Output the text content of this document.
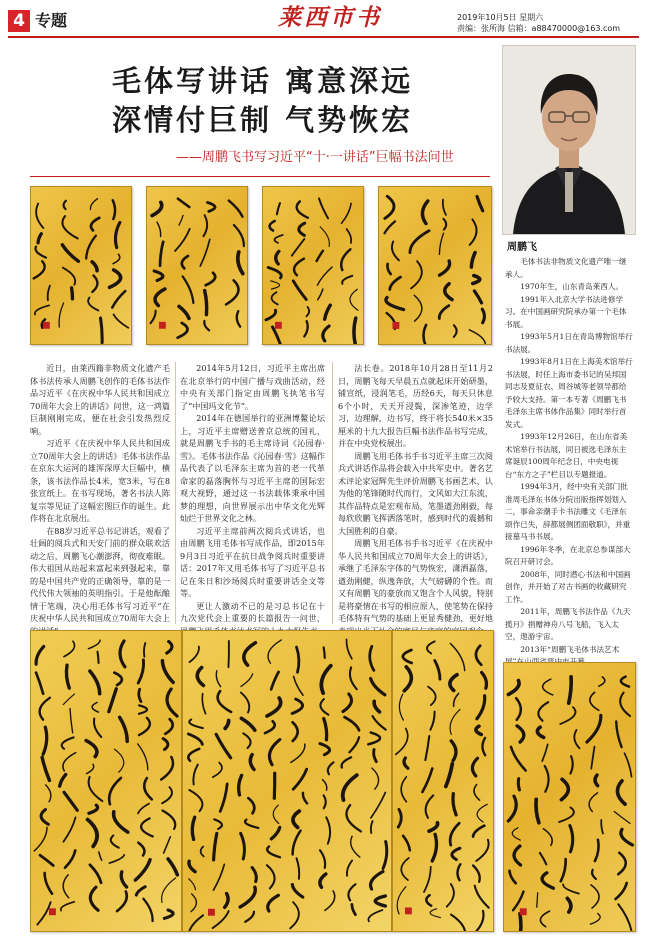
4 专题	莱西市书	2019年10月5日 星期六
责编：张所海 信箱：a88470000@163.com
毛体写讲话 寓意深远
深情付巨制 气势恢宏
——周鹏飞书写习近平“十·一讲话”巨幅书法问世
周鹏飞

毛体书法非物质文化遗产唯一继承人。

1970年生，山东青岛莱西人。

1991年入北京大学书法进修学习。在中国画研究院承办第一个毛体书展。

1993年5月1日在青岛博物馆举行书法展。

1993年8月1日在上海美术馆举行书法展，时任上海市委书记的吴邦国同志及夏征农、周谷城等老领导都给予较大支持。第一本专著《周鹏飞书毛泽东主席书体作品集》同时举行首发式。

1993年12月26日，在山东省美术馆举行书法展，同日被选毛泽东主席诞辰100周年纪念日，中央电视台“东方之子”栏目以专题报道。

1994年3月，经中央有关部门批准周毛泽东书体分院出版指挥划划入二，事命亲潮手卡书法雕文《毛泽东颂作已失，辞都展侧团面敬职》，并重接墓马书书展。

1996年冬季，在北京总参谋部大院召开研讨会。

2008年，同时潜心书法和中国画创作，并开始了对古书画的收藏研究工作。

2011年，周鹏飞书法作品《九天揽月》捐赠神舟八号飞船，飞入太空，遨游宇宙。

2013年“周鹏飞毛体书法艺术

近日，由莱西籍非物质文化遗产毛体书法传承人周鹏飞创作的毛体书法作品习近平《在庆祝中华人民共和国成立70周年大会上的讲话》问世，这一鸿篇巨制刚刚完成，便在社会引发热烈反响。

习近平《在庆祝中华人民共和国成立70周年大会上的讲话》毛体书法作品在京东大运河的雄浑深厚大巨幅中，横条，该书法作品长4米，宽3米，写在8张宣纸上。在书写现场，著名书法人陈复宗等见证了这幅宏图巨作的诞生。此作将在北京展出。

在88岁习近平总书记讲话，观看了壮阔的阅兵式和天安门前的群众联欢活动之后，周鹏飞心潮澎湃，彻夜难眠。伟大祖国从站起来富起来到强起来，靠的是中国共产党的正确领导，靠的是一代代伟大领袖的英明指引。于是他酝酿情于笔端，决心用毛体书写习近平“在庆祝中华人民共和国成立70周年大会上

2014年5月12日，习近平主席出席在北京举行的中国广播与戏曲活动，经中央有关部门指定由周鹏飞执笔书写了“中国玛文化节”。

2014年在德国举行的亚洲博鳌论坛上，习近平主席赠送普京总统的国礼，就是周鹏飞手书的毛主席诗词《沁园春·雪》。毛体书法作品《沁园春·雪》这幅作品代表了以毛泽东主席为首的老一代革命家的磊落胸怀与习近平主席的国际宏观大视野，通过这一书法载体秉承中国梦的理想，向世界展示出中华文化光辉灿烂于世界文化之林。

习近平主席前两次阅兵式讲话，也由周鹏飞用毛体书写成作品，即2015年9月3日习近平在抗日战争阅兵时重要讲话：2017年又用毛体书写了习近平总书记在朱日和沙场阅兵时重要讲话全文等等。

更让人激动不已的是习总书记在十九次党代会上重要的长篇报告一问世，

法长卷。2018年10月28日至11月2日，周鹏飞每天早晨五点就起床开始研墨，铺宣纸，浸润笔毛，历经6天，每天只休息6个小时，天天开浸鬓，深渗笔迹，边学习，边理解，边书写，终于将长540米×35厘米的十九大报告巨幅书法作品书写完成，并在中央党校展出。

周鹏飞用毛体书手书习近平主席三次阅兵式讲话作品将会载入中共军史中。著名艺术评论家冠辉先生评价周鹏飞书画艺术，认为他的笔锋随时代而行，文风如大江东流，其作品特点是宏观布局，笔墨遒劲刚毅，每每欣欣鹏飞挥洒落笔时，感到时代的震撼和大国胜利的自豪。

周鹏飞用毛体书手书习近平《在庆祝中华人民共和国成立70周年大会上的讲话》，承继了毛泽东字体的气势恢宏，潇洒磊落，遒劲刚健，纵逸奔放，大气磅礴的个性。而又有周鹏飞的豪放而又饱含个人风貌，特别是将豪情在书写的相应原人，使笔势在保持毛体特有气势的基础上更显秀健劲，更好地
